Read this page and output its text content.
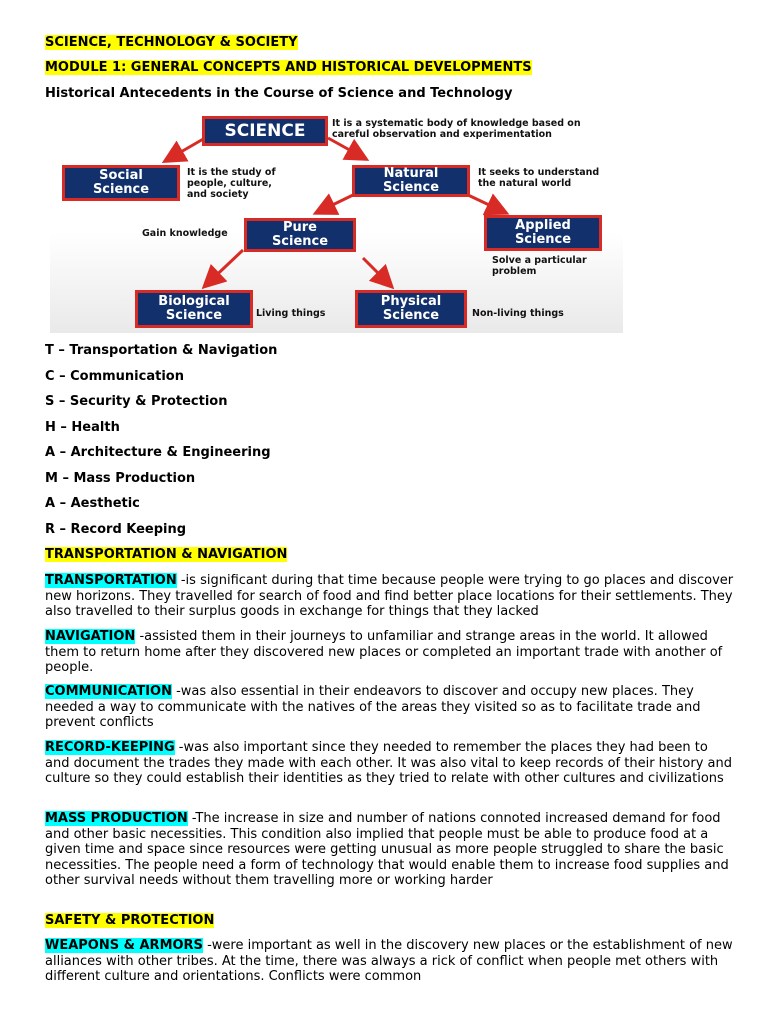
SCIENCE, TECHNOLOGY & SOCIETY
MODULE 1: GENERAL CONCEPTS AND HISTORICAL DEVELOPMENTS
Historical Antecedents in the Course of Science and Technology
SCIENCE
Social
Science
Natural
Science
Pure
Science
Applied
Science
Biological
Science
Physical
Science
It is a systematic body of knowledge based on
careful observation and experimentation
It is the study of
people, culture,
and society
It seeks to understand
the natural world
Gain knowledge
Solve a particular
problem
Living things	Non-living things
T – Transportation & Navigation
C – Communication
S – Security & Protection
H – Health
A – Architecture & Engineering
M – Mass Production
A – Aesthetic
R – Record Keeping
TRANSPORTATION & NAVIGATION
TRANSPORTATION -is significant during that time because people were trying to go places and discover new horizons. They travelled for search of food and find better place locations for their settlements. They also travelled to their surplus goods in exchange for things that they lacked
NAVIGATION -assisted them in their journeys to unfamiliar and strange areas in the world. It allowed them to return home after they discovered new places or completed an important trade with another of people.
COMMUNICATION -was also essential in their endeavors to discover and occupy new places. They needed a way to communicate with the natives of the areas they visited so as to facilitate trade and prevent conflicts
RECORD-KEEPING -was also important since they needed to remember the places they had been to and document the trades they made with each other. It was also vital to keep records of their history and culture so they could establish their identities as they tried to relate with other cultures and civilizations
MASS PRODUCTION -The increase in size and number of nations connoted increased demand for food and other basic necessities. This condition also implied that people must be able to produce food at a given time and space since resources were getting unusual as more people struggled to share the basic necessities. The people need a form of technology that would enable them to increase food supplies and other survival needs without them travelling more or working harder
SAFETY & PROTECTION
WEAPONS & ARMORS -were important as well in the discovery new places or the establishment of new alliances with other tribes. At the time, there was always a rick of conflict when people met others with different culture and orientations. Conflicts were common
